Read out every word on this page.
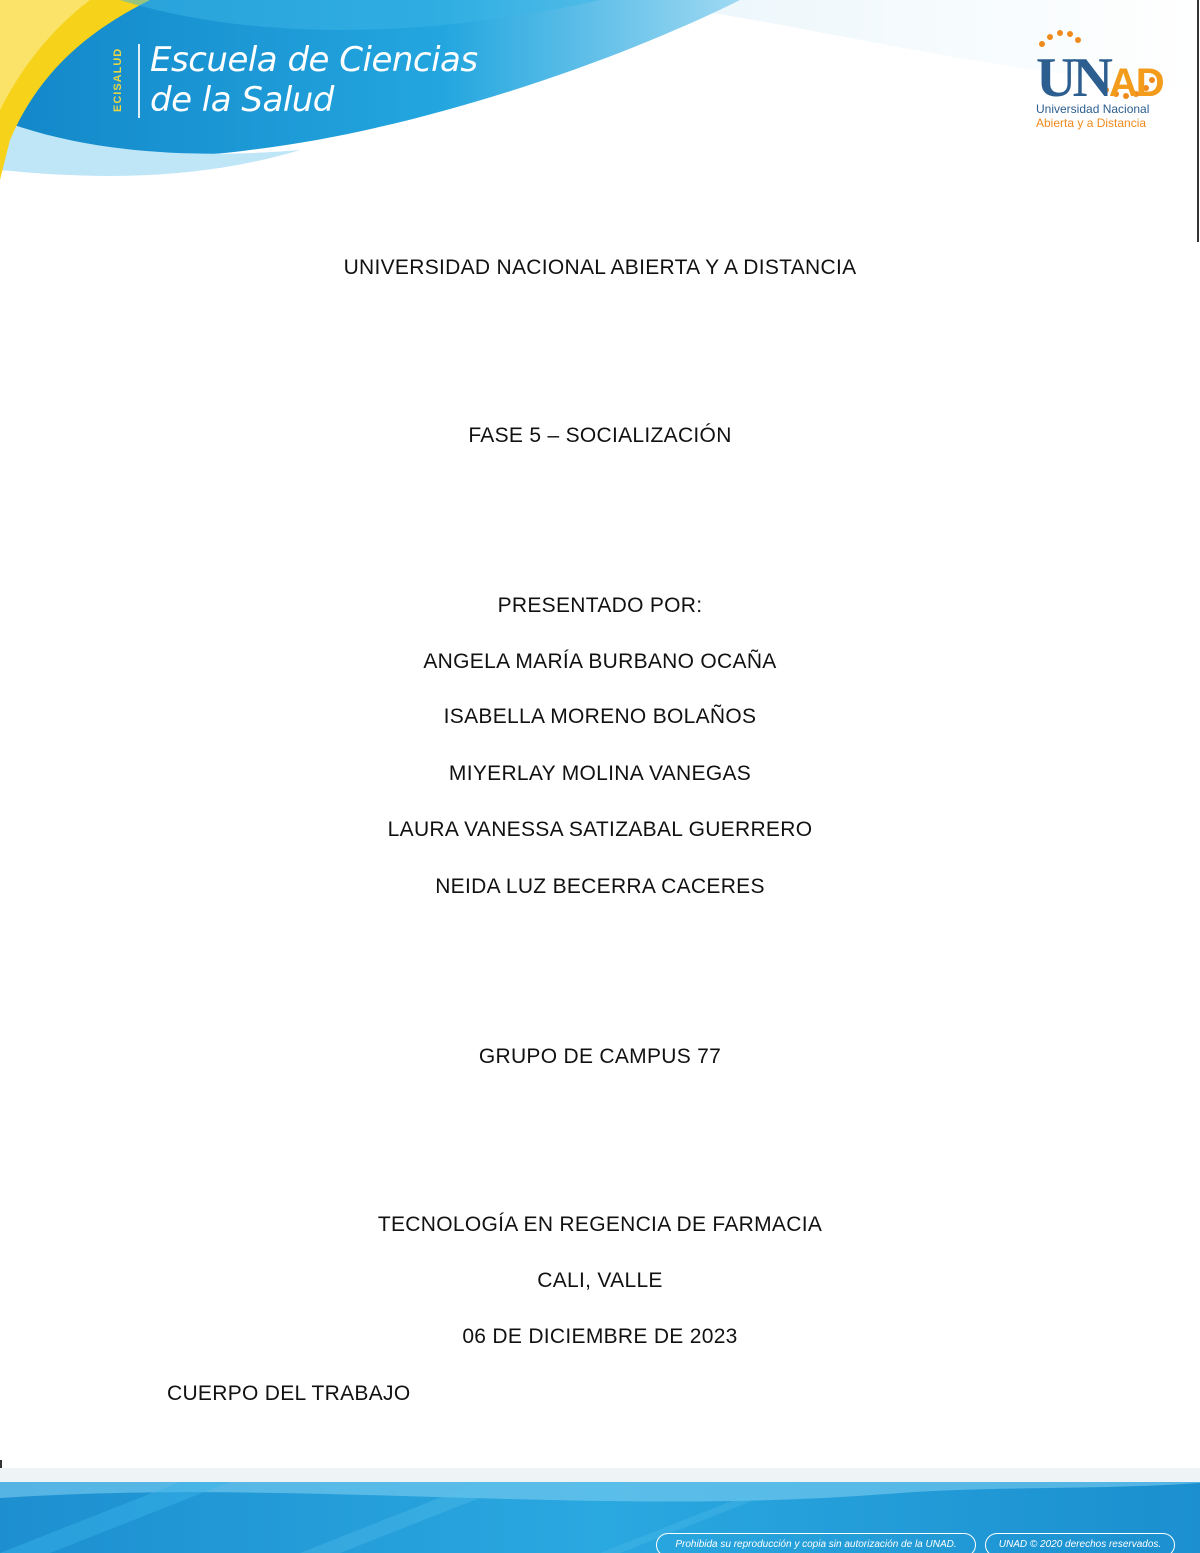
ECISALUD Escuela de Ciencias
de la Salud	UNAD
Universidad Nacional
Abierta y a Distancia
UNIVERSIDAD NACIONAL ABIERTA Y A DISTANCIA
FASE 5 – SOCIALIZACIÓN
PRESENTADO POR:
ANGELA MARÍA BURBANO OCAÑA
ISABELLA MORENO BOLAÑOS
MIYERLAY MOLINA VANEGAS
LAURA VANESSA SATIZABAL GUERRERO
NEIDA LUZ BECERRA CACERES
GRUPO DE CAMPUS 77
TECNOLOGÍA EN REGENCIA DE FARMACIA
CALI, VALLE
06 DE DICIEMBRE DE 2023
CUERPO DEL TRABAJO
Prohibida su reproducción y copia sin autorización de la UNAD.	UNAD © 2020 derechos reservados.
